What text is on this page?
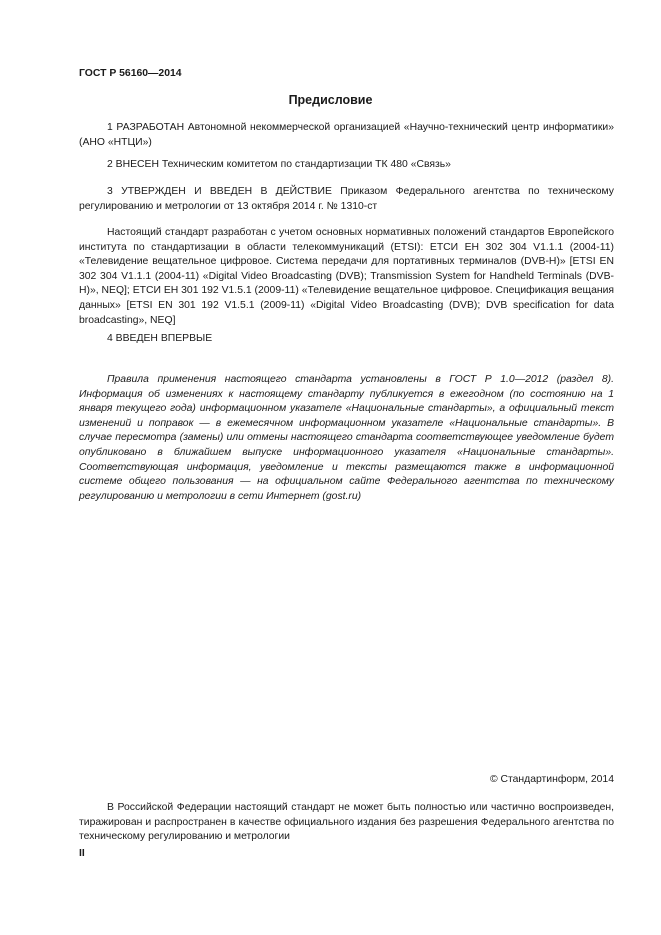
ГОСТ Р 56160—2014
Предисловие

1 РАЗРАБОТАН Автономной некоммерческой организацией «Научно-технический центр информатики» (АНО «НТЦИ»)

2 ВНЕСЕН Техническим комитетом по стандартизации ТК 480 «Связь»

3 УТВЕРЖДЕН И ВВЕДЕН В ДЕЙСТВИЕ Приказом Федерального агентства по техническому регулированию и метрологии от 13 октября 2014 г. № 1310-ст

Настоящий стандарт разработан с учетом основных нормативных положений стандартов Европейского института по стандартизации в области телекоммуникаций (ETSI): ЕТСИ ЕН 302 304 V1.1.1 (2004-11) «Телевидение вещательное цифровое. Система передачи для портативных терминалов (DVB-H)» [ETSI EN 302 304 V1.1.1 (2004-11) «Digital Video Broadcasting (DVB); Transmission System for Handheld Terminals (DVB-H)», NEQ]; ЕТСИ ЕН 301 192 V1.5.1 (2009-11) «Телевидение вещательное цифровое. Спецификация вещания данных» [ETSI EN 301 192 V1.5.1 (2009-11) «Digital Video Broadcasting (DVB); DVB specification for data broadcasting», NEQ]

4 ВВЕДЕН ВПЕРВЫЕ

Правила применения настоящего стандарта установлены в ГОСТ Р 1.0—2012 (раздел 8). Информация об изменениях к настоящему стандарту публикуется в ежегодном (по состоянию на 1 января текущего года) информационном указателе «Национальные стандарты», а официальный текст изменений и поправок — в ежемесячном информационном указателе «Национальные стандарты». В случае пересмотра (замены) или отмены настоящего стандарта соответствующее уведомление будет опубликовано в ближайшем выпуске информационного указателя «Национальные стандарты». Соответствующая информация, уведомление и тексты размещаются также в информационной системе общего пользования — на официальном сайте Федерального агентства по техническому регулированию и метрологии в сети Интернет (gost.ru)

© Стандартинформ, 2014

В Российской Федерации настоящий стандарт не может быть полностью или частично воспроизведен, тиражирован и распространен в качестве официального издания без разрешения Федерального агентства по техническому регулированию и метрологии

II
